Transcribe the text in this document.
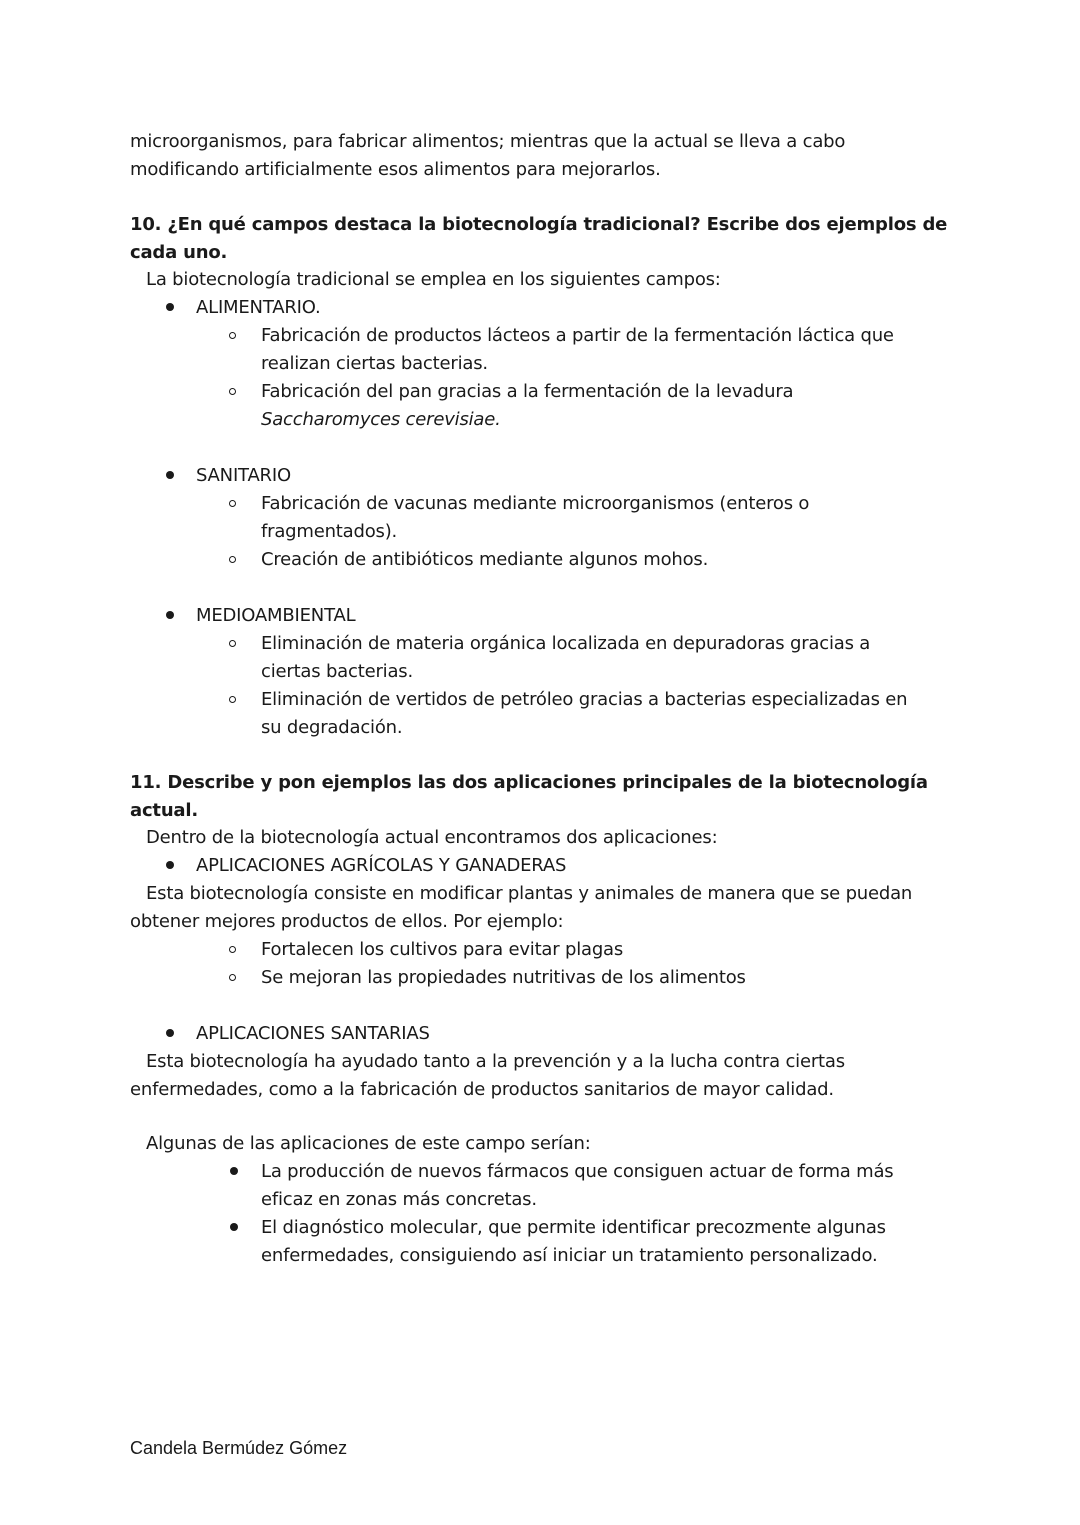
microorganismos, para fabricar alimentos; mientras que la actual se lleva a cabo
modificando artificialmente esos alimentos para mejorarlos.
10. ¿En qué campos destaca la biotecnología tradicional? Escribe dos ejemplos de
cada uno.
La biotecnología tradicional se emplea en los siguientes campos:
ALIMENTARIO.
Fabricación de productos lácteos a partir de la fermentación láctica que
realizan ciertas bacterias.
Fabricación del pan gracias a la fermentación de la levadura
Saccharomyces cerevisiae.
SANITARIO
Fabricación de vacunas mediante microorganismos (enteros o
fragmentados).
Creación de antibióticos mediante algunos mohos.
MEDIOAMBIENTAL
Eliminación de materia orgánica localizada en depuradoras gracias a
ciertas bacterias.
Eliminación de vertidos de petróleo gracias a bacterias especializadas en
su degradación.
11. Describe y pon ejemplos las dos aplicaciones principales de la biotecnología
actual.
Dentro de la biotecnología actual encontramos dos aplicaciones:
APLICACIONES AGRÍCOLAS Y GANADERAS
Esta biotecnología consiste en modificar plantas y animales de manera que se puedan
obtener mejores productos de ellos. Por ejemplo:
Fortalecen los cultivos para evitar plagas
Se mejoran las propiedades nutritivas de los alimentos
APLICACIONES SANTARIAS
Esta biotecnología ha ayudado tanto a la prevención y a la lucha contra ciertas
enfermedades, como a la fabricación de productos sanitarios de mayor calidad.
Algunas de las aplicaciones de este campo serían:
La producción de nuevos fármacos que consiguen actuar de forma más
eficaz en zonas más concretas.
El diagnóstico molecular, que permite identificar precozmente algunas
enfermedades, consiguiendo así iniciar un tratamiento personalizado.
Candela Bermúdez Gómez
